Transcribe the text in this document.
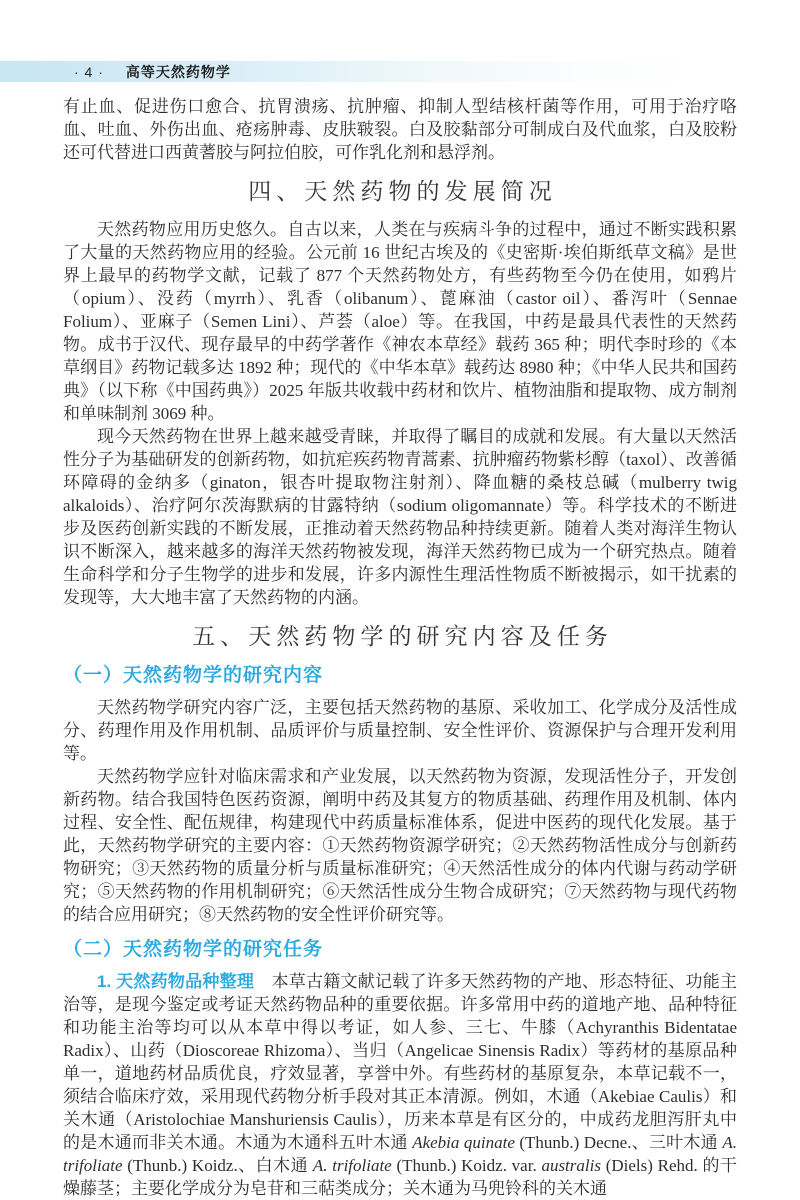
· 4 · 高等天然药物学

有止血、促进伤口愈合、抗胃溃疡、抗肿瘤、抑制人型结核杆菌等作用，可用于治疗咯血、吐血、外伤出血、疮疡肿毒、皮肤皲裂。白及胶黏部分可制成白及代血浆，白及胶粉还可代替进口西黄蓍胶与阿拉伯胶，可作乳化剂和悬浮剂。

四、天然药物的发展简况

天然药物应用历史悠久。自古以来，人类在与疾病斗争的过程中，通过不断实践积累了大量的天然药物应用的经验。公元前 16 世纪古埃及的《史密斯·埃伯斯纸草文稿》是世界上最早的药物学文献，记载了 877 个天然药物处方，有些药物至今仍在使用，如鸦片（opium）、没药（myrrh）、乳香（olibanum）、蓖麻油（castor oil）、番泻叶（Sennae Folium）、亚麻子（Semen Lini）、芦荟（aloe）等。在我国，中药是最具代表性的天然药物。成书于汉代、现存最早的中药学著作《神农本草经》载药 365 种；明代李时珍的《本草纲目》药物记载多达 1892 种；现代的《中华本草》载药达 8980 种；《中华人民共和国药典》（以下称《中国药典》）2025 年版共收载中药材和饮片、植物油脂和提取物、成方制剂和单味制剂 3069 种。

现今天然药物在世界上越来越受青睐，并取得了瞩目的成就和发展。有大量以天然活性分子为基础研发的创新药物，如抗疟疾药物青蒿素、抗肿瘤药物紫杉醇（taxol）、改善循环障碍的金纳多（ginaton，银杏叶提取物注射剂）、降血糖的桑枝总碱（mulberry twig alkaloids）、治疗阿尔茨海默病的甘露特纳（sodium oligomannate）等。科学技术的不断进步及医药创新实践的不断发展，正推动着天然药物品种持续更新。随着人类对海洋生物认识不断深入，越来越多的海洋天然药物被发现，海洋天然药物已成为一个研究热点。随着生命科学和分子生物学的进步和发展，许多内源性生理活性物质不断被揭示，如干扰素的发现等，大大地丰富了天然药物的内涵。

五、天然药物学的研究内容及任务
（一）天然药物学的研究内容

天然药物学研究内容广泛，主要包括天然药物的基原、采收加工、化学成分及活性成分、药理作用及作用机制、品质评价与质量控制、安全性评价、资源保护与合理开发利用等。

天然药物学应针对临床需求和产业发展，以天然药物为资源，发现活性分子，开发创新药物。结合我国特色医药资源，阐明中药及其复方的物质基础、药理作用及机制、体内过程、安全性、配伍规律，构建现代中药质量标准体系，促进中医药的现代化发展。基于此，天然药物学研究的主要内容：①天然药物资源学研究；②天然药物活性成分与创新药物研究；③天然药物的质量分析与质量标准研究；④天然活性成分的体内代谢与药动学研究；⑤天然药物的作用机制研究；⑥天然活性成分生物合成研究；⑦天然药物与现代药物的结合应用研究；⑧天然药物的安全性评价研究等。

（二）天然药物学的研究任务

1. 天然药物品种整理　本草古籍文献记载了许多天然药物的产地、形态特征、功能主治等，是现今鉴定或考证天然药物品种的重要依据。许多常用中药的道地产地、品种特征和功能主治等均可以从本草中得以考证，如人参、三七、牛膝（Achyranthis Bidentatae Radix）、山药（Dioscoreae Rhizoma）、当归（Angelicae Sinensis Radix）等药材的基原品种单一，道地药材品质优良，疗效显著，享誉中外。有些药材的基原复杂，本草记载不一，须结合临床疗效，采用现代药物分析手段对其正本清源。例如，木通（Akebiae Caulis）和关木通（Aristolochiae Manshuriensis Caulis），历来本草是有区分的，中成药龙胆泻肝丸中的是木通而非关木通。木通为木通科五叶木通 Akebia quinate (Thunb.) Decne.、三叶木通 A. trifoliate (Thunb.) Koidz.、白木通 A. trifoliate (Thunb.) Koidz. var. australis (Diels) Rehd. 的干燥藤茎；主要化学成分为皂苷和三萜类成分；关木通为马兜铃科的关木通
